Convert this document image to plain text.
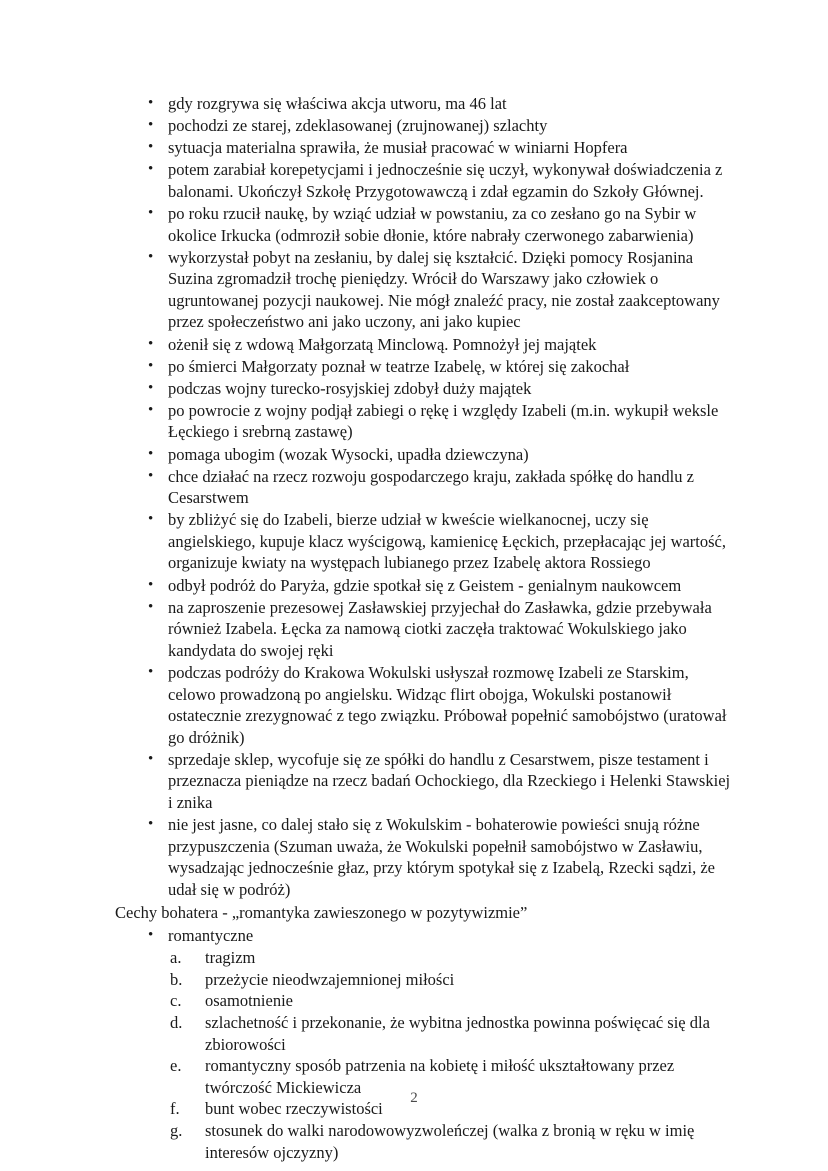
• gdy rozgrywa się właściwa akcja utworu, ma 46 lat
• pochodzi ze starej, zdeklasowanej (zrujnowanej) szlachty
• sytuacja materialna sprawiła, że musiał pracować w winiarni Hopfera
• potem zarabiał korepetycjami i jednocześnie się uczył, wykonywał doświadczenia z balonami. Ukończył Szkołę Przygotowawczą i zdał egzamin do Szkoły Głównej.
• po roku rzucił naukę, by wziąć udział w powstaniu, za co zesłano go na Sybir w okolice Irkucka (odmroził sobie dłonie, które nabrały czerwonego zabarwienia)
• wykorzystał pobyt na zesłaniu, by dalej się kształcić. Dzięki pomocy Rosjanina Suzina zgromadził trochę pieniędzy. Wrócił do Warszawy jako człowiek o ugruntowanej pozycji naukowej. Nie mógł znaleźć pracy, nie został zaakceptowany przez społeczeństwo ani jako uczony, ani jako kupiec
• ożenił się z wdową Małgorzatą Minclową. Pomnożył jej majątek
• po śmierci Małgorzaty poznał w teatrze Izabelę, w której się zakochał
• podczas wojny turecko-rosyjskiej zdobył duży majątek
• po powrocie z wojny podjął zabiegi o rękę i względy Izabeli (m.in. wykupił weksle Łęckiego i srebrną zastawę)
• pomaga ubogim (wozak Wysocki, upadła dziewczyna)
• chce działać na rzecz rozwoju gospodarczego kraju, zakłada spółkę do handlu z Cesarstwem
• by zbliżyć się do Izabeli, bierze udział w kweście wielkanocnej, uczy się angielskiego, kupuje klacz wyścigową, kamienicę Łęckich, przepłacając jej wartość, organizuje kwiaty na występach lubianego przez Izabelę aktora Rossiego
• odbył podróż do Paryża, gdzie spotkał się z Geistem - genialnym naukowcem
• na zaproszenie prezesowej Zasławskiej przyjechał do Zasławka, gdzie przebywała również Izabela. Łęcka za namową ciotki zaczęła traktować Wokulskiego jako kandydata do swojej ręki
• podczas podróży do Krakowa Wokulski usłyszał rozmowę Izabeli ze Starskim, celowo prowadzoną po angielsku. Widząc flirt obojga, Wokulski postanowił ostatecznie zrezygnować z tego związku. Próbował popełnić samobójstwo (uratował go dróżnik)
• sprzedaje sklep, wycofuje się ze spółki do handlu z Cesarstwem, pisze testament i przeznacza pieniądze na rzecz badań Ochockiego, dla Rzeckiego i Helenki Stawskiej i znika
• nie jest jasne, co dalej stało się z Wokulskim - bohaterowie powieści snują różne przypuszczenia (Szuman uważa, że Wokulski popełnił samobójstwo w Zasławiu, wysadzając jednocześnie głaz, przy którym spotykał się z Izabelą, Rzecki sądzi, że udał się w podróż)
Cechy bohatera - „romantyka zawieszonego w pozytywizmie”
• romantyczne
a.	tragizm
b.	przeżycie nieodwzajemnionej miłości
c.	osamotnienie
d.	szlachetność i przekonanie, że wybitna jednostka powinna poświęcać się dla zbiorowości
e.	romantyczny sposób patrzenia na kobietę i miłość ukształtowany przez twórczość Mickiewicza
f.	bunt wobec rzeczywistości
g.	stosunek do walki narodowowyzwoleńczej (walka z bronią w ręku w imię interesów ojczyzny)
2
